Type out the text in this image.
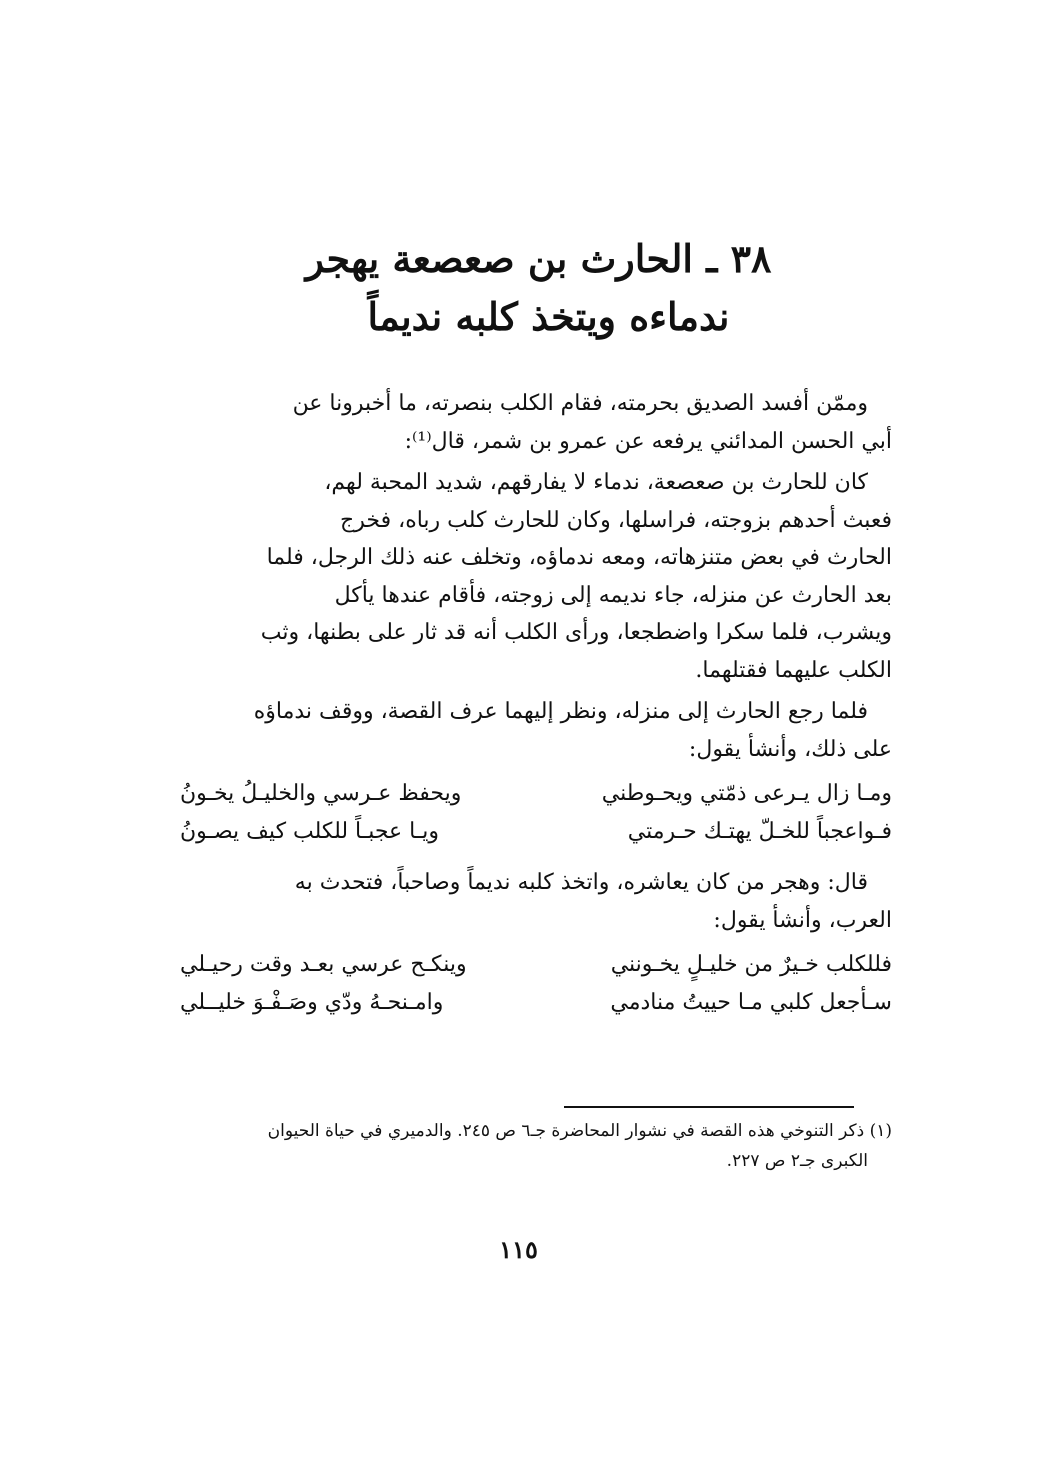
٣٨ ـ الحارث بن صعصعة يهجر
ندماءه ويتخذ كلبه نديماً

وممّن أفسد الصديق بحرمته، فقام الكلب بنصرته، ما أخبرونا عن
أبي الحسن المدائني يرفعه عن عمرو بن شمر، قال⁽¹⁾:

كان للحارث بن صعصعة، ندماء لا يفارقهم، شديد المحبة لهم،
فعبث أحدهم بزوجته، فراسلها، وكان للحارث كلب رباه، فخرج
الحارث في بعض متنزهاته، ومعه ندماؤه، وتخلف عنه ذلك الرجل، فلما
بعد الحارث عن منزله، جاء نديمه إلى زوجته، فأقام عندها يأكل
ويشرب، فلما سكرا واضطجعا، ورأى الكلب أنه قد ثار على بطنها، وثب
الكلب عليهما فقتلهما.

فلما رجع الحارث إلى منزله، ونظر إليهما عرف القصة، ووقف ندماؤه
على ذلك، وأنشأ يقول:

ومـا زال يـرعى ذمّتي ويحـوطني
ويحفظ عـرسي والخليـلُ يخـونُ
فـواعجباً للخـلّ يهتـك حـرمتي
ويـا عجبـاً للكلب كيف يصـونُ

قال: وهجر من كان يعاشره، واتخذ كلبه نديماً وصاحباً، فتحدث به
العرب، وأنشأ يقول:

فللكلب خـيرٌ من خليـلٍ يخـونني
وينكـح عرسي بعـد وقت رحيـلي
سـأجعل كلبي مـا حييتُ منادمي
وامـنحـهُ ودّي وصَـفْـوَ خليــلي
(١) ذكر التنوخي هذه القصة في نشوار المحاضرة جـ٦ ص ٢٤٥. والدميري في حياة الحيوان
الكبرى جـ٢ ص ٢٢٧.
١١٥
